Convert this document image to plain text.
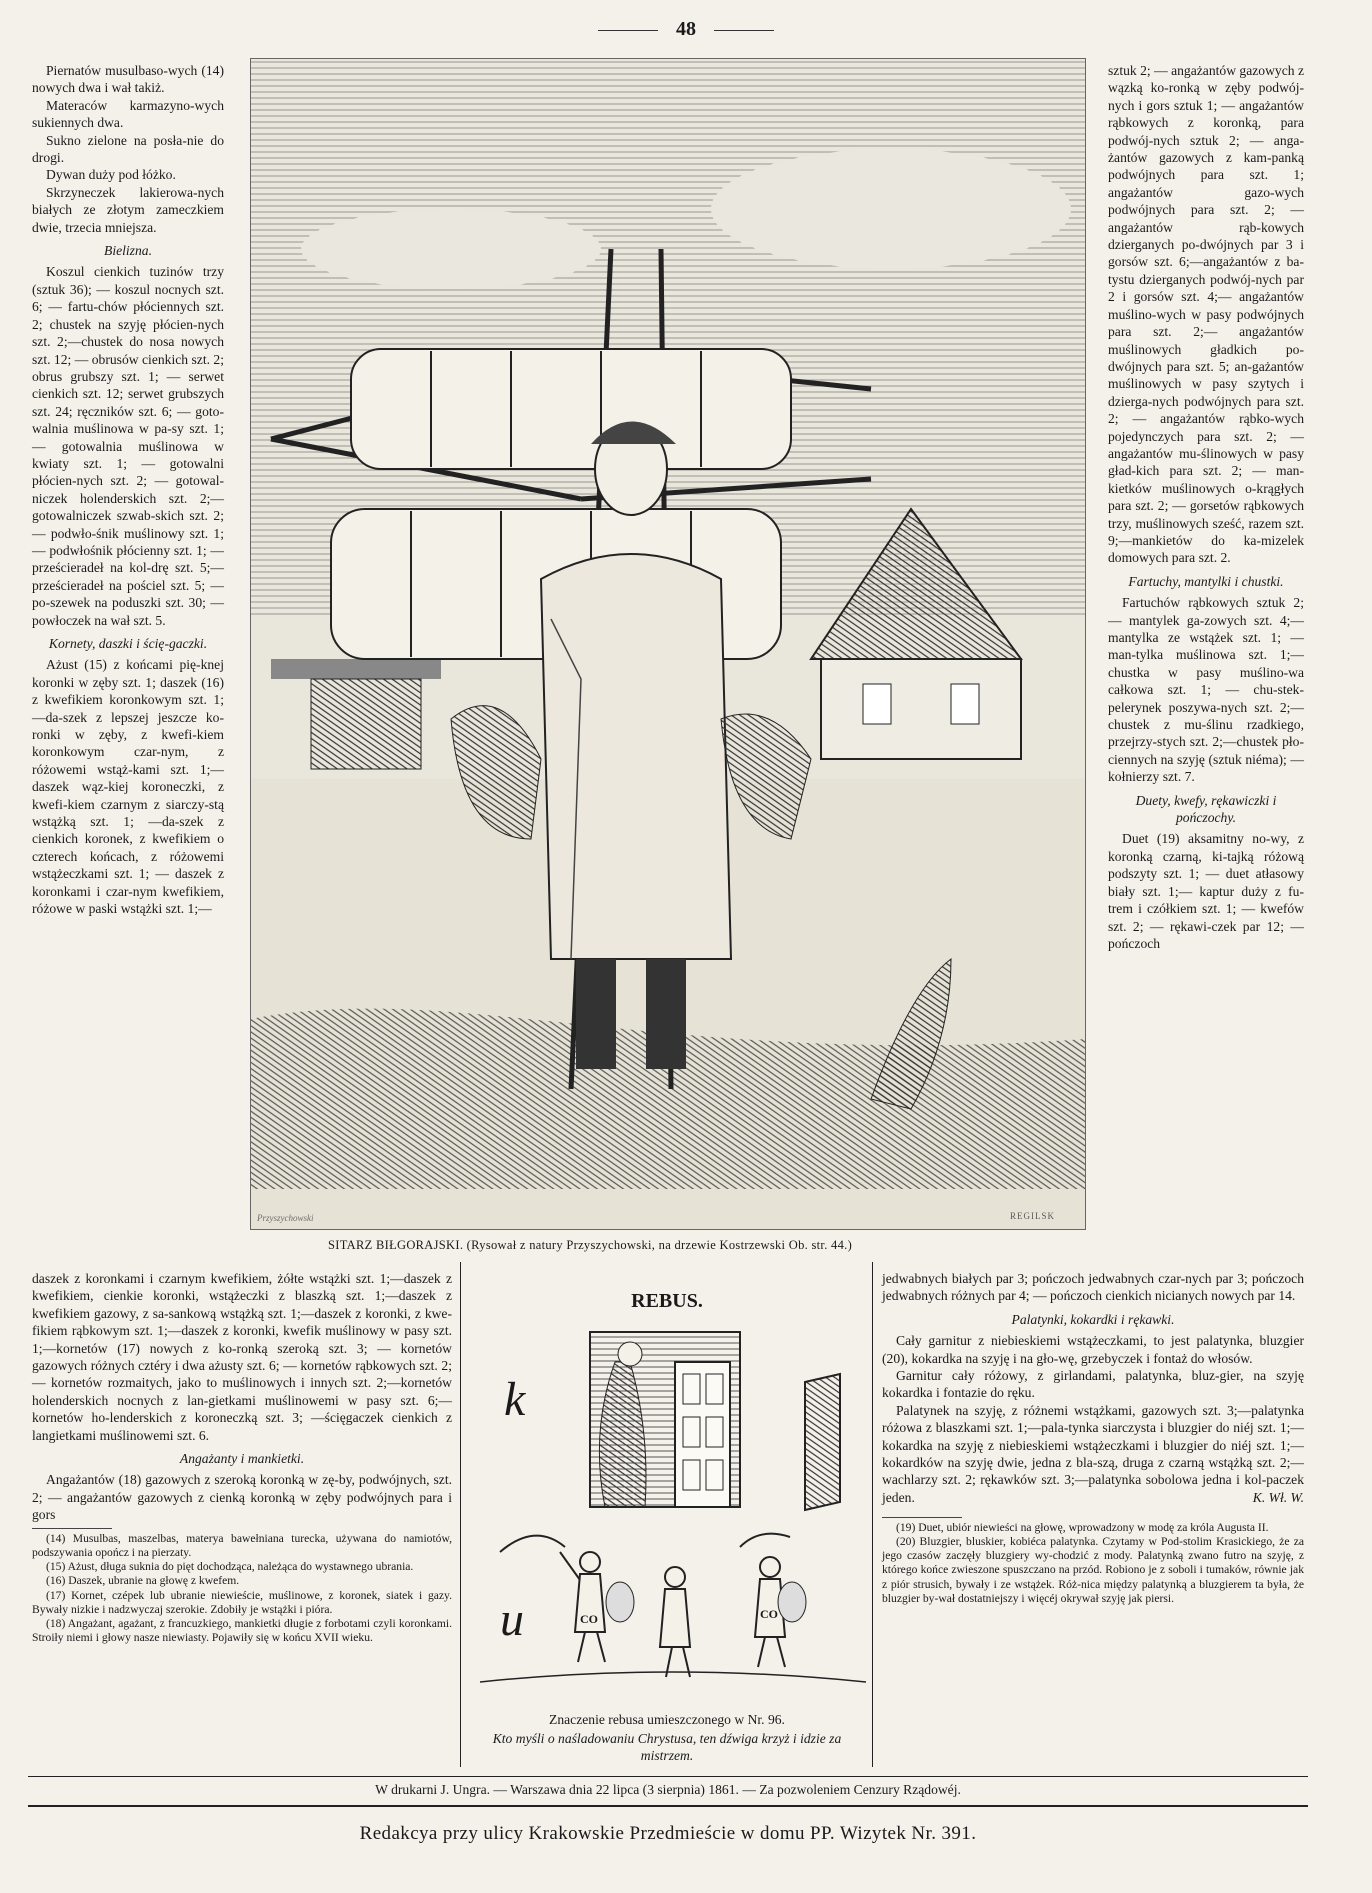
48

Piernatów musulbaso-wych (14) nowych dwa i wał takiż.

Materaców karmazyno-wych sukiennych dwa.

Sukno zielone na posła-nie do drogi.

Dywan duży pod łóżko.

Skrzyneczek lakierowa-nych białych ze złotym zameczkiem dwie, trzecia mniejsza.

Bielizna.

Koszul cienkich tuzinów trzy (sztuk 36); — koszul nocnych szt. 6; — fartu-chów płóciennych szt. 2; chustek na szyję płócien-nych szt. 2;—chustek do nosa nowych szt. 12; — obrusów cienkich szt. 2; obrus grubszy szt. 1; — serwet cienkich szt. 12; serwet grubszych szt. 24; ręczników szt. 6; — goto-walnia muślinowa w pa-sy szt. 1; — gotowalnia muślinowa w kwiaty szt. 1; — gotowalni płócien-nych szt. 2; — gotowal-niczek holenderskich szt. 2;—gotowalniczek szwab-skich szt. 2; — podwło-śnik muślinowy szt. 1;— podwłośnik płócienny szt. 1; — prześcieradeł na kol-drę szt. 5;—prześcieradeł na pościel szt. 5; — po-szewek na poduszki szt. 30; — powłoczek na wał szt. 5.

Kornety, daszki i ścię-gaczki.

Ażust (15) z końcami pię-knej koronki w zęby szt. 1; daszek (16) z kwefikiem koronkowym szt. 1;—da-szek z lepszej jeszcze ko-ronki w zęby, z kwefi-kiem koronkowym czar-nym, z różowemi wstąż-kami szt. 1;—daszek wąz-kiej koroneczki, z kwefi-kiem czarnym z siarczy-stą wstążką szt. 1; —da-szek z cienkich koronek, z kwefikiem o czterech końcach, z różowemi wstążeczkami szt. 1; — daszek z koronkami i czar-nym kwefikiem, różowe w paski wstążki szt. 1;—

Przyszychowski	REGILSK
SITARZ BIŁGORAJSKI. (Rysował z natury Przyszychowski, na drzewie Kostrzewski Ob. str. 44.)

sztuk 2; — angażantów gazowych z wązką ko-ronką w zęby podwój-nych i gors sztuk 1; — angażantów rąbkowych z koronką, para podwój-nych sztuk 2; — anga-żantów gazowych z kam-panką podwójnych para szt. 1; angażantów gazo-wych podwójnych para szt. 2; — angażantów rąb-kowych dzierganych po-dwójnych par 3 i gorsów szt. 6;—angażantów z ba-tystu dzierganych podwój-nych par 2 i gorsów szt. 4;— angażantów muślino-wych w pasy podwójnych para szt. 2;— angażantów muślinowych gładkich po-dwójnych para szt. 5; an-gażantów muślinowych w pasy szytych i dzierga-nych podwójnych para szt. 2; — angażantów rąbko-wych pojedynczych para szt. 2; — angażantów mu-ślinowych w pasy gład-kich para szt. 2; — man-kietków muślinowych o-krągłych para szt. 2; — gorsetów rąbkowych trzy, muślinowych sześć, razem szt. 9;—mankietów do ka-mizelek domowych para szt. 2.

Fartuchy, mantylki i chustki.

Fartuchów rąbkowych sztuk 2; — mantylek ga-zowych szt. 4;—mantylka ze wstążek szt. 1; — man-tylka muślinowa szt. 1;— chustka w pasy muślino-wa całkowa szt. 1; — chu-stek-pelerynek poszywa-nych szt. 2;—chustek z mu-ślinu rzadkiego, przejrzy-stych szt. 2;—chustek pło-ciennych na szyję (sztuk niéma); — kołnierzy szt. 7.

Duety, kwefy, rękawiczki i pończochy.

Duet (19) aksamitny no-wy, z koronką czarną, ki-tajką różową podszyty szt. 1; — duet atłasowy biały szt. 1;— kaptur duży z fu-trem i czółkiem szt. 1; — kwefów szt. 2; — rękawi-czek par 12; — pończoch

daszek z koronkami i czarnym kwefikiem, żółte wstążki szt. 1;—daszek z kwefikiem, cienkie koronki, wstążeczki z blaszką szt. 1;—daszek z kwefikiem gazowy, z sa-sankową wstążką szt. 1;—daszek z koronki, z kwe-fikiem rąbkowym szt. 1;—daszek z koronki, kwefik muślinowy w pasy szt. 1;—kornetów (17) nowych z ko-ronką szeroką szt. 3; — kornetów gazowych różnych cztéry i dwa ażusty szt. 6; — kornetów rąbkowych szt. 2; — kornetów rozmaitych, jako to muślinowych i innych szt. 2;—kornetów holenderskich nocnych z lan-gietkami muślinowemi w pasy szt. 6;—kornetów ho-lenderskich z koroneczką szt. 3; —ścięgaczek cienkich z langietkami muślinowemi szt. 6.

Angażanty i mankietki.

Angażantów (18) gazowych z szeroką koronką w zę-by, podwójnych, szt. 2; — angażantów gazowych z cienką koronką w zęby podwójnych para i gors

(14) Musulbas, maszelbas, materya bawełniana turecka, używana do namiotów, podszywania opończ i na pierzaty.

(15) Ażust, długa suknia do pięt dochodząca, należąca do wystawnego ubrania.

(16) Daszek, ubranie na głowę z kwefem.

(17) Kornet, czépek lub ubranie niewieście, muślinowe, z koronek, siatek i gazy. Bywały nizkie i nadzwyczaj szerokie. Zdobiły je wstążki i pióra.

(18) Angażant, agażant, z francuzkiego, mankietki długie z forbotami czyli koronkami. Stroiły niemi i głowy nasze niewiasty. Pojawiły się w końcu XVII wieku.

REBUS.
k
u	CO	CO
Znaczenie rebusa umieszczonego w Nr. 96.
Kto myśli o naśladowaniu Chrystusa, ten dźwiga krzyż i idzie za mistrzem.

jedwabnych białych par 3; pończoch jedwabnych czar-nych par 3; pończoch jedwabnych różnych par 4; — pończoch cienkich nicianych nowych par 14.

Palatynki, kokardki i rękawki.

Cały garnitur z niebieskiemi wstążeczkami, to jest palatynka, bluzgier (20), kokardka na szyję i na gło-wę, grzebyczek i fontaż do włosów.

Garnitur cały różowy, z girlandami, palatynka, bluz-gier, na szyję kokardka i fontazie do ręku.

Palatynek na szyję, z różnemi wstążkami, gazowych szt. 3;—palatynka różowa z blaszkami szt. 1;—pala-tynka siarczysta i bluzgier do niéj szt. 1;—kokardka na szyję z niebieskiemi wstążeczkami i bluzgier do niéj szt. 1;—kokardków na szyję dwie, jedna z bla-szą, druga z czarną wstążką szt. 2;—wachlarzy szt. 2; rękawków szt. 3;—palatynka sobolowa jedna i kol-paczek jeden.	K. Wł. W.

(19) Duet, ubiór niewieści na głowę, wprowadzony w modę za króla Augusta II.

(20) Bluzgier, bluskier, kobiéca palatynka. Czytamy w Pod-stolim Krasickiego, że za jego czasów zaczęły bluzgiery wy-chodzić z mody. Palatynką zwano futro na szyję, z którego końce zwieszone spuszczano na przód. Robiono je z soboli i tumaków, równie jak z piór strusich, bywały i ze wstążek. Róż-nica między palatynką a bluzgierem ta była, że bluzgier by-wał dostatniejszy i więcéj okrywał szyję jak piersi.

W drukarni J. Ungra. — Warszawa dnia 22 lipca (3 sierpnia) 1861. — Za pozwoleniem Cenzury Rządowéj.
Redakcya przy ulicy Krakowskie Przedmieście w domu PP. Wizytek Nr. 391.
